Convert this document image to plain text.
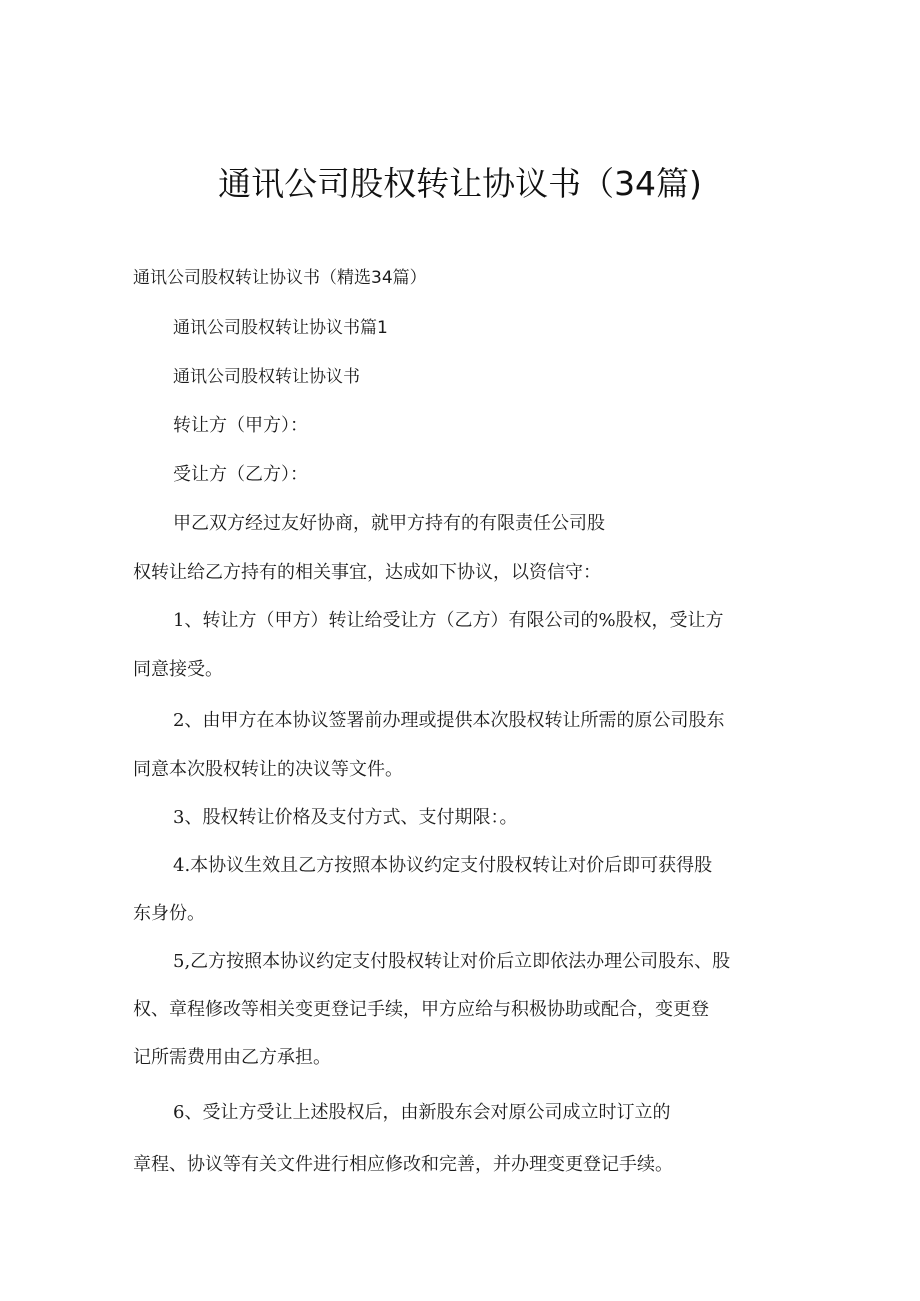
通讯公司股权转让协议书（34篇)

通讯公司股权转让协议书（精选34篇）

通讯公司股权转让协议书篇1

通讯公司股权转让协议书

转让方（甲方）：

受让方（乙方）：

甲乙双方经过友好协商，就甲方持有的有限责任公司股

权转让给乙方持有的相关事宜，达成如下协议，以资信守：

1、转让方（甲方）转让给受让方（乙方）有限公司的%股权，受让方

同意接受。

2、由甲方在本协议签署前办理或提供本次股权转让所需的原公司股东

同意本次股权转让的决议等文件。

3、股权转让价格及支付方式、支付期限：。

4.本协议生效且乙方按照本协议约定支付股权转让对价后即可获得股

东身份。

5,乙方按照本协议约定支付股权转让对价后立即依法办理公司股东、股

权、章程修改等相关变更登记手续，甲方应给与积极协助或配合，变更登

记所需费用由乙方承担。

6、受让方受让上述股权后，由新股东会对原公司成立时订立的

章程、协议等有关文件进行相应修改和完善，并办理变更登记手续。
